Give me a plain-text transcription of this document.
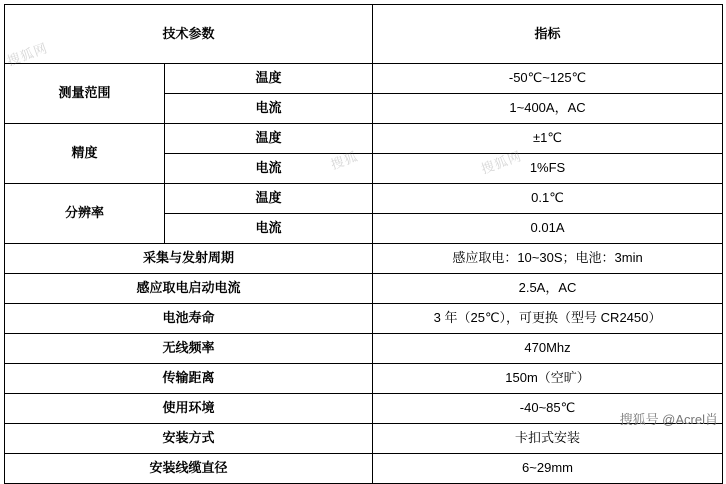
技术参数		指标
测量范围	温度	-50℃~125℃
	电流	1~400A，AC
精度	温度	±1℃
	电流	1%FS
分辨率	温度	0.1℃
	电流	0.01A
采集与发射周期		感应取电：10~30S；电池：3min
感应取电启动电流		2.5A，AC
电池寿命		3 年（25℃），可更换（型号 CR2450）
无线频率		470Mhz
传输距离		150m（空旷）
使用环境		-40~85℃
安装方式		卡扣式安装
安装线缆直径		6~29mm
搜狐网
搜狐	搜狐网
搜狐号 @Acrel肖
